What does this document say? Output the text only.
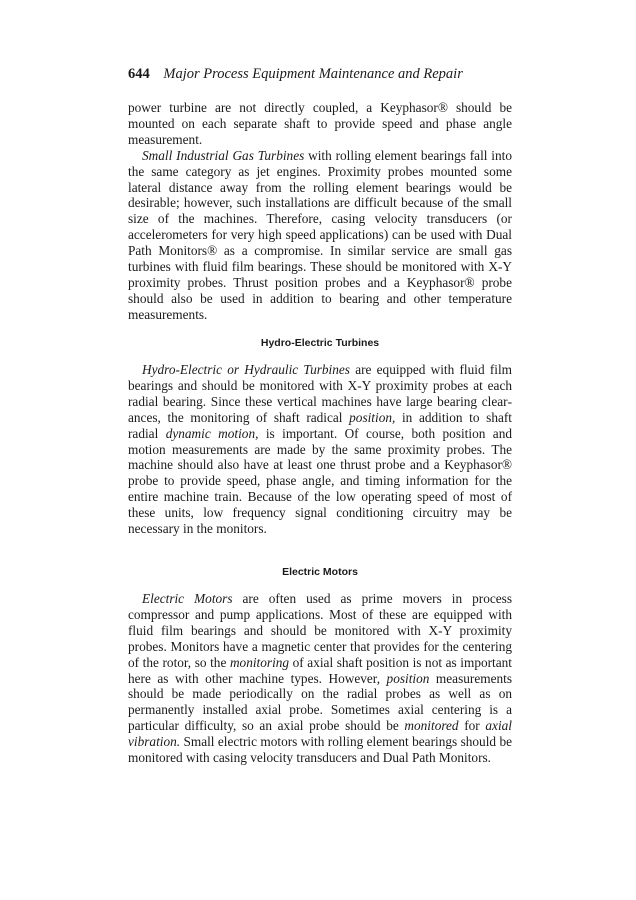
644 Major Process Equipment Maintenance and Repair

power turbine are not directly coupled, a Keyphasor® should be mounted on each separate shaft to provide speed and phase angle measurement.

Small Industrial Gas Turbines with rolling element bearings fall into the same category as jet engines. Proximity probes mounted some lateral distance away from the rolling element bearings would be desirable; however, such installations are difficult because of the small size of the machines. Therefore, casing velocity transducers (or accelerometers for very high speed applications) can be used with Dual Path Monitors® as a compromise. In similar service are small gas turbines with fluid film bearings. These should be monitored with X-Y proximity probes. Thrust position probes and a Keyphasor® probe should also be used in addition to bearing and other temperature measurements.

Hydro-Electric Turbines

Hydro-Electric or Hydraulic Turbines are equipped with fluid film bearings and should be monitored with X-Y proximity probes at each radial bearing. Since these vertical machines have large bearing clearances, the monitoring of shaft radical position, in addition to shaft radial dynamic motion, is important. Of course, both position and motion measurements are made by the same proximity probes. The machine should also have at least one thrust probe and a Keyphasor® probe to provide speed, phase angle, and timing information for the entire machine train. Because of the low operating speed of most of these units, low frequency signal conditioning circuitry may be necessary in the monitors.

Electric Motors

Electric Motors are often used as prime movers in process compressor and pump applications. Most of these are equipped with fluid film bearings and should be monitored with X-Y proximity probes. Monitors have a magnetic center that provides for the centering of the rotor, so the monitoring of axial shaft position is not as important here as with other machine types. However, position measurements should be made periodically on the radial probes as well as on permanently installed axial probe. Sometimes axial centering is a particular difficulty, so an axial probe should be monitored for axial vibration. Small electric motors with rolling element bearings should be monitored with casing velocity transducers and Dual Path Monitors.
